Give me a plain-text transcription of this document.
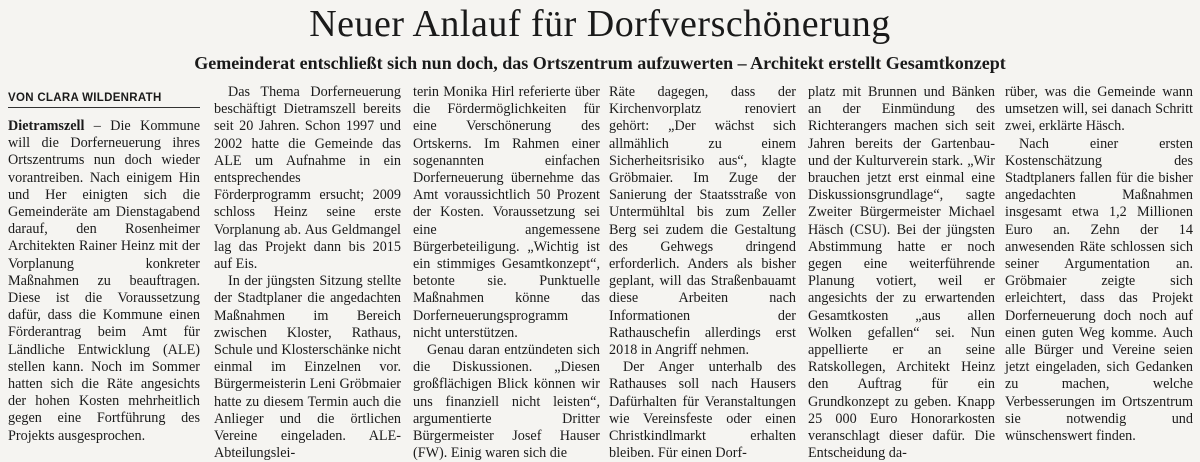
Neuer Anlauf für Dorfverschönerung
Gemeinderat entschließt sich nun doch, das Ortszentrum aufzuwerten – Architekt erstellt Gesamtkonzept
VON CLARA WILDENRATH

Dietramszell – Die Kommune will die Dorferneuerung ihres Ortszentrums nun doch wieder vorantreiben. Nach einigem Hin und Her einigten sich die Gemeinderäte am Dienstagabend darauf, den Rosenheimer Architekten Rainer Heinz mit der Vorplanung konkreter Maßnahmen zu beauftragen. Diese ist die Voraussetzung dafür, dass die Kommune einen Förderantrag beim Amt für Ländliche Entwicklung (ALE) stellen kann. Noch im Sommer hatten sich die Räte angesichts der hohen Kosten mehrheitlich gegen eine Fortführung des Projekts ausgesprochen.

Das Thema Dorferneuerung beschäftigt Dietramszell bereits seit 20 Jahren. Schon 1997 und 2002 hatte die Gemeinde das ALE um Aufnahme in ein entsprechendes Förderprogramm ersucht; 2009 schloss Heinz seine erste Vorplanung ab. Aus Geldmangel lag das Projekt dann bis 2015 auf Eis.

In der jüngsten Sitzung stellte der Stadtplaner die angedachten Maßnahmen im Bereich zwischen Kloster, Rathaus, Schule und Klosterschänke nicht einmal im Einzelnen vor. Bürgermeisterin Leni Gröbmaier hatte zu diesem Termin auch die Anlieger und die örtlichen Vereine eingeladen. ALE-Abteilungslei-

terin Monika Hirl referierte über die Fördermöglichkeiten für eine Verschönerung des Ortskerns. Im Rahmen einer sogenannten einfachen Dorferneuerung übernehme das Amt voraussichtlich 50 Prozent der Kosten. Voraussetzung sei eine angemessene Bürgerbeteiligung. „Wichtig ist ein stimmiges Gesamtkonzept“, betonte sie. Punktuelle Maßnahmen könne das Dorferneuerungsprogramm nicht unterstützen.

Genau daran entzündeten sich die Diskussionen. „Diesen großflächigen Blick können wir uns finanziell nicht leisten“, argumentierte Dritter Bürgermeister Josef Hauser (FW). Einig waren sich die

Räte dagegen, dass der Kirchenvorplatz renoviert gehört: „Der wächst sich allmählich zu einem Sicherheitsrisiko aus“, klagte Gröbmaier. Im Zuge der Sanierung der Staatsstraße von Untermühltal bis zum Zeller Berg sei zudem die Gestaltung des Gehwegs dringend erforderlich. Anders als bisher geplant, will das Straßenbauamt diese Arbeiten nach Informationen der Rathauschefin allerdings erst 2018 in Angriff nehmen.

Der Anger unterhalb des Rathauses soll nach Hausers Dafürhalten für Veranstaltungen wie Vereinsfeste oder einen Christkindlmarkt erhalten bleiben. Für einen Dorf-

platz mit Brunnen und Bänken an der Einmündung des Richterangers machen sich seit Jahren bereits der Gartenbau- und der Kulturverein stark. „Wir brauchen jetzt erst einmal eine Diskussionsgrundlage“, sagte Zweiter Bürgermeister Michael Häsch (CSU). Bei der jüngsten Abstimmung hatte er noch gegen eine weiterführende Planung votiert, weil er angesichts der zu erwartenden Gesamtkosten „aus allen Wolken gefallen“ sei. Nun appellierte er an seine Ratskollegen, Architekt Heinz den Auftrag für ein Grundkonzept zu geben. Knapp 25 000 Euro Honorarkosten veranschlagt dieser dafür. Die Entscheidung da-

rüber, was die Gemeinde wann umsetzen will, sei danach Schritt zwei, erklärte Häsch.

Nach einer ersten Kostenschätzung des Stadtplaners fallen für die bisher angedachten Maßnahmen insgesamt etwa 1,2 Millionen Euro an. Zehn der 14 anwesenden Räte schlossen sich seiner Argumentation an. Gröbmaier zeigte sich erleichtert, dass das Projekt Dorferneuerung doch noch auf einen guten Weg komme. Auch alle Bürger und Vereine seien jetzt eingeladen, sich Gedanken zu machen, welche Verbesserungen im Ortszentrum sie notwendig und wünschenswert finden.
